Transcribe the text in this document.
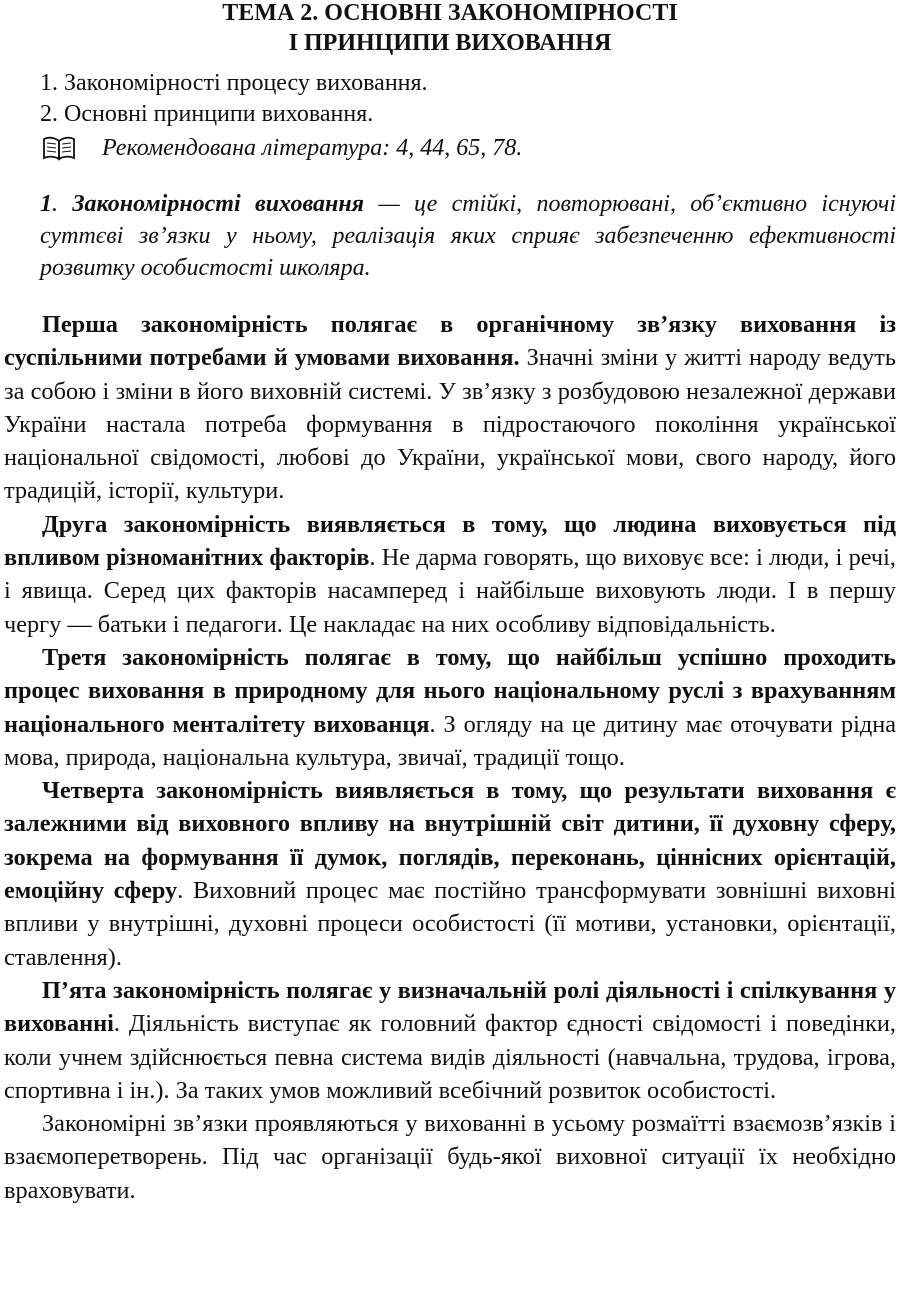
ТЕМА 2. ОСНОВНІ ЗАКОНОМІРНОСТІ
І ПРИНЦИПИ ВИХОВАННЯ
1. Закономірності процесу виховання.
2. Основні принципи виховання.
Рекомендована література: 4, 44, 65, 78.

1. Закономірності виховання — це стійкі, повторювані, об’єктивно існуючі суттєві зв’язки у ньому, реалізація яких сприяє забезпеченню ефективності розвитку особистості школяра.

Перша закономірність полягає в органічному зв’язку виховання із суспільними потребами й умовами виховання. Значні зміни у житті народу ведуть за собою і зміни в його виховній системі. У зв’язку з розбудовою незалежної держави України настала потреба формування в підростаючого покоління української національної свідомості, любові до України, української мови, свого народу, його традицій, історії, культури.

Друга закономірність виявляється в тому, що людина виховується під впливом різноманітних факторів. Не дарма говорять, що виховує все: і люди, і речі, і явища. Серед цих факторів насамперед і найбільше виховують люди. І в першу чергу — батьки і педагоги. Це накладає на них особливу відповідальність.

Третя закономірність полягає в тому, що найбільш успішно проходить процес виховання в природному для нього національному руслі з врахуванням національного менталітету вихованця. З огляду на це дитину має оточувати рідна мова, природа, національна культура, звичаї, традиції тощо.

Четверта закономірність виявляється в тому, що результати виховання є залежними від виховного впливу на внутрішній світ дитини, її духовну сферу, зокрема на формування її думок, поглядів, переконань, ціннісних орієнтацій, емоційну сферу. Виховний процес має постійно трансформувати зовнішні виховні впливи у внутрішні, духовні процеси особистості (її мотиви, установки, орієнтації, ставлення).

П’ята закономірність полягає у визначальній ролі діяльності і спілкування у вихованні. Діяльність виступає як головний фактор єдності свідомості і поведінки, коли учнем здійснюється певна система видів діяльності (навчальна, трудова, ігрова, спортивна і ін.). За таких умов можливий всебічний розвиток особистості.

Закономірні зв’язки проявляються у вихованні в усьому розмаїтті взаємозв’язків і взаємоперетворень. Під час організації будь-якої виховної ситуації їх необхідно враховувати.
